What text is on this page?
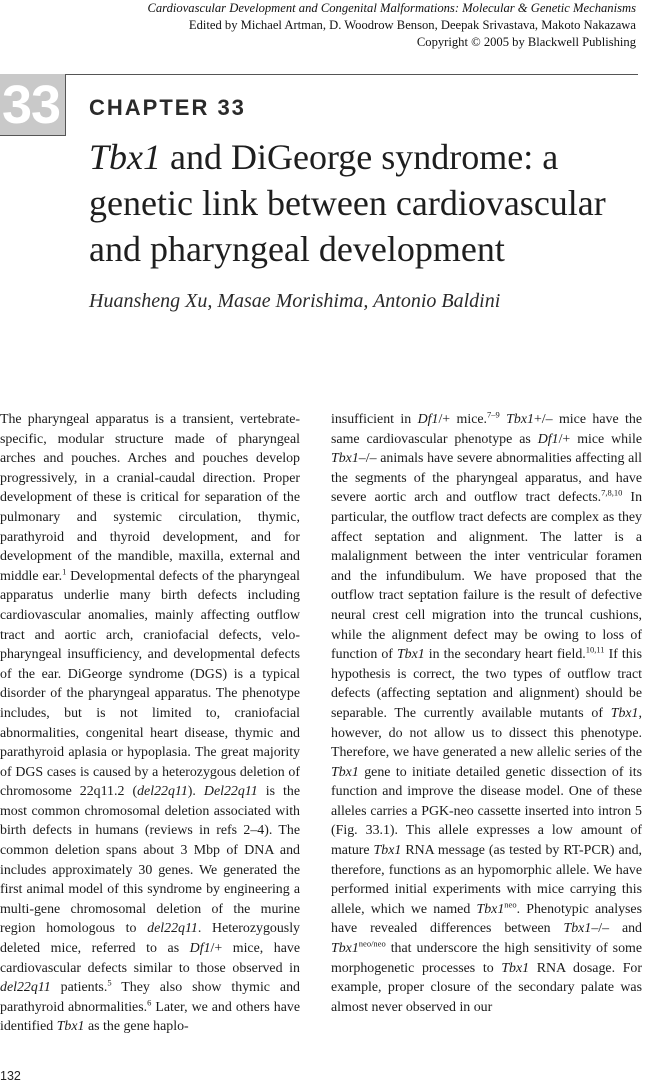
Cardiovascular Development and Congenital Malformations: Molecular & Genetic Mechanisms
Edited by Michael Artman, D. Woodrow Benson, Deepak Srivastava, Makoto Nakazawa
Copyright © 2005 by Blackwell Publishing
33 CHAPTER 33
Tbx1 and DiGeorge syndrome: a genetic link between cardiovascular and pharyngeal development
Huansheng Xu, Masae Morishima, Antonio Baldini
The pharyngeal apparatus is a transient, vertebrate-specific, modular structure made of pharyngeal arches and pouches. Arches and pouches develop progressively, in a cranial-caudal direction. Proper development of these is critical for separation of the pulmonary and systemic circulation, thymic, parathyroid and thyroid development, and for development of the mandible, maxilla, external and middle ear.$^1$ Developmental defects of the pharyngeal apparatus underlie many birth defects including cardiovascular anomalies, mainly affecting outflow tract and aortic arch, craniofacial defects, velo-pharyngeal insufficiency, and developmental defects of the ear. DiGeorge syndrome (DGS) is a typical disorder of the pharyngeal apparatus. The phenotype includes, but is not limited to, craniofacial abnormalities, congenital heart disease, thymic and parathyroid aplasia or hypoplasia. The great majority of DGS cases is caused by a heterozygous deletion of chromosome 22q11.2 (del22q11). Del22q11 is the most common chromosomal deletion associated with birth defects in humans (reviews in refs 2–4). The common deletion spans about 3 Mbp of DNA and includes approximately 30 genes. We generated the first animal model of this syndrome by engineering a multi-gene chromosomal deletion of the murine region homologous to del22q11. Heterozygously deleted mice, referred to as Df1/+ mice, have cardiovascular defects similar to those observed in del22q11 patients.$^5$ They also show thymic and parathyroid abnormalities.$^6$ Later, we and others have identified Tbx1 as the gene haplo-
insufficient in Df1/+ mice.$^{7-9}$ Tbx1+/– mice have the same cardiovascular phenotype as Df1/+ mice while Tbx1–/– animals have severe abnormalities affecting all the segments of the pharyngeal apparatus, and have severe aortic arch and outflow tract defects.$^{7,8,10}$ In particular, the outflow tract defects are complex as they affect septation and alignment. The latter is a malalignment between the inter ventricular foramen and the infundibulum. We have proposed that the outflow tract septation failure is the result of defective neural crest cell migration into the truncal cushions, while the alignment defect may be owing to loss of function of Tbx1 in the secondary heart field.$^{10,11}$ If this hypothesis is correct, the two types of outflow tract defects (affecting septation and alignment) should be separable. The currently available mutants of Tbx1, however, do not allow us to dissect this phenotype. Therefore, we have generated a new allelic series of the Tbx1 gene to initiate detailed genetic dissection of its function and improve the disease model. One of these alleles carries a PGK-neo cassette inserted into intron 5 (Fig. 33.1). This allele expresses a low amount of mature Tbx1 RNA message (as tested by RT-PCR) and, therefore, functions as an hypomorphic allele. We have performed initial experiments with mice carrying this allele, which we named $Tbx1^{neo}$. Phenotypic analyses have revealed differences between Tbx1–/– and $Tbx1^{neo/neo}$ that underscore the high sensitivity of some morphogenetic processes to Tbx1 RNA dosage. For example, proper closure of the secondary palate was almost never observed in our
132
